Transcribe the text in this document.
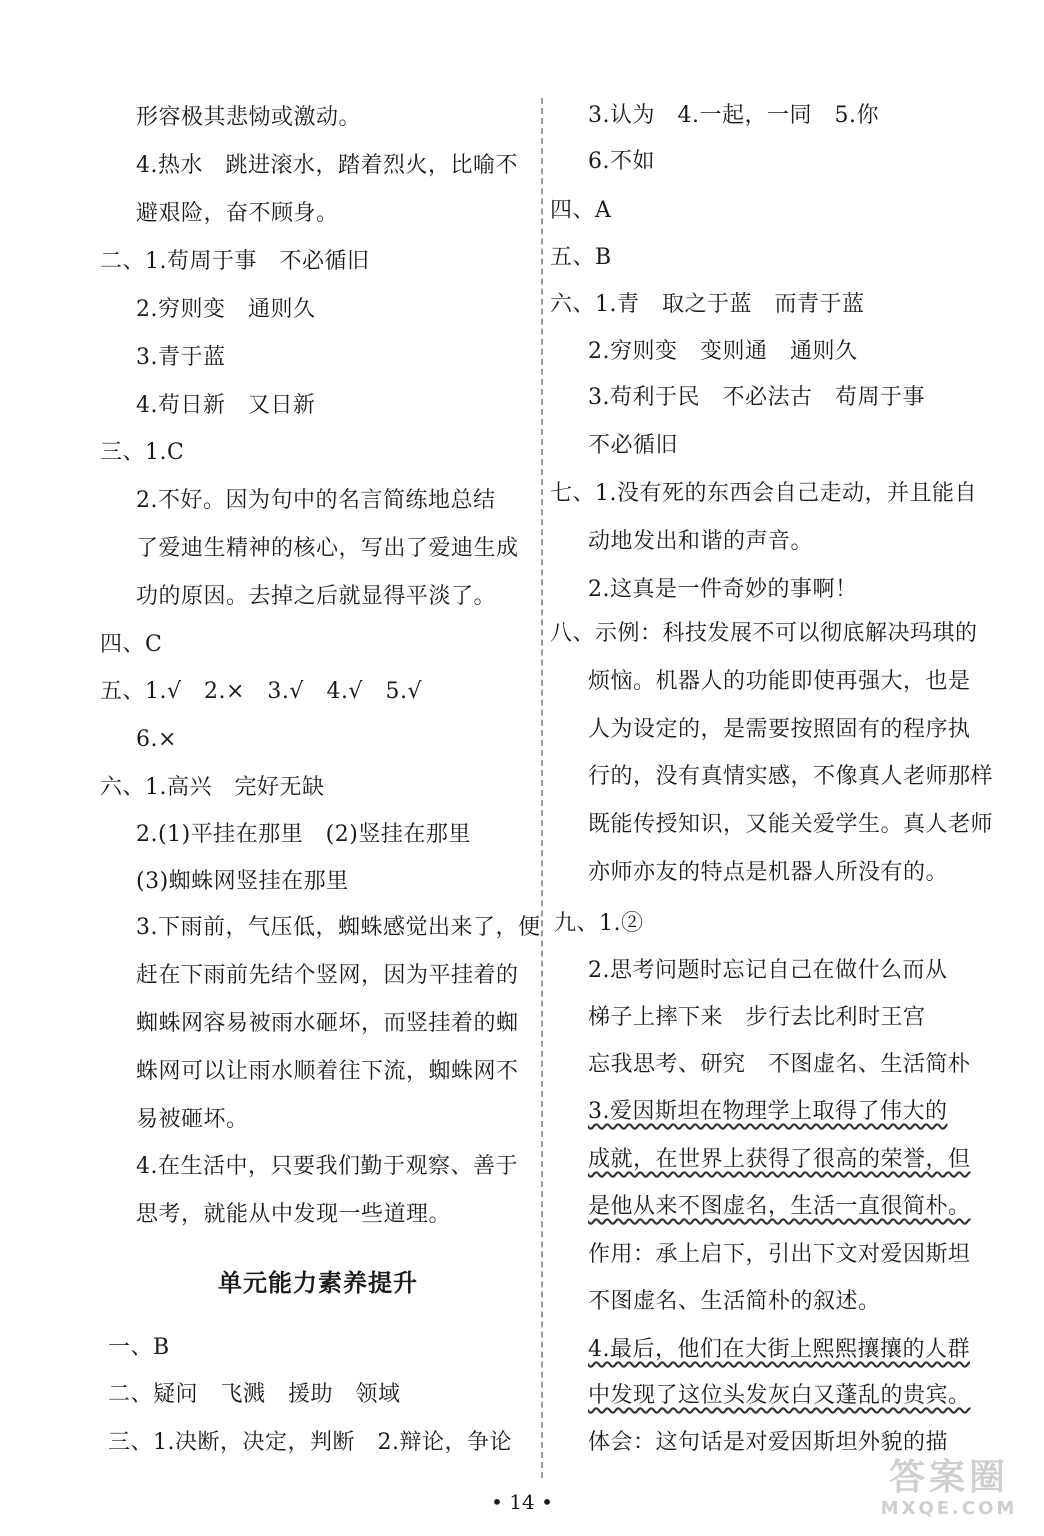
形容极其悲恸或激动。
4.热水　跳进滚水，踏着烈火，比喻不
避艰险，奋不顾身。
二、1.苟周于事　不必循旧
2.穷则变　通则久
3.青于蓝
4.苟日新　又日新
三、1.C
2.不好。因为句中的名言简练地总结
了爱迪生精神的核心，写出了爱迪生成
功的原因。去掉之后就显得平淡了。
四、C
五、1.√　2.×　3.√　4.√　5.√
6.×
六、1.高兴　完好无缺
2.(1)平挂在那里　(2)竖挂在那里
(3)蜘蛛网竖挂在那里
3.下雨前，气压低，蜘蛛感觉出来了，便
赶在下雨前先结个竖网，因为平挂着的
蜘蛛网容易被雨水砸坏，而竖挂着的蜘
蛛网可以让雨水顺着往下流，蜘蛛网不
易被砸坏。
4.在生活中，只要我们勤于观察、善于
思考，就能从中发现一些道理。
单元能力素养提升
一、B
二、疑问　飞溅　援助　领域
三、1.决断，决定，判断　2.辩论，争论
3.认为　4.一起，一同　5.你
6.不如
四、A
五、B
六、1.青　取之于蓝　而青于蓝
2.穷则变　变则通　通则久
3.苟利于民　不必法古　苟周于事
不必循旧
七、1.没有死的东西会自己走动，并且能自
动地发出和谐的声音。
2.这真是一件奇妙的事啊！
八、示例：科技发展不可以彻底解决玛琪的
烦恼。机器人的功能即使再强大，也是
人为设定的，是需要按照固有的程序执
行的，没有真情实感，不像真人老师那样
既能传授知识，又能关爱学生。真人老师
亦师亦友的特点是机器人所没有的。
九、1.②
2.思考问题时忘记自己在做什么而从
梯子上摔下来　步行去比利时王宫
忘我思考、研究　不图虚名、生活简朴
3.爱因斯坦在物理学上取得了伟大的
成就，在世界上获得了很高的荣誉，但
是他从来不图虚名，生活一直很简朴。
作用：承上启下，引出下文对爱因斯坦
不图虚名、生活简朴的叙述。
4.最后，他们在大街上熙熙攘攘的人群
中发现了这位头发灰白又蓬乱的贵宾。
体会：这句话是对爱因斯坦外貌的描
• 14 •
答案圈
MXQE.COM
